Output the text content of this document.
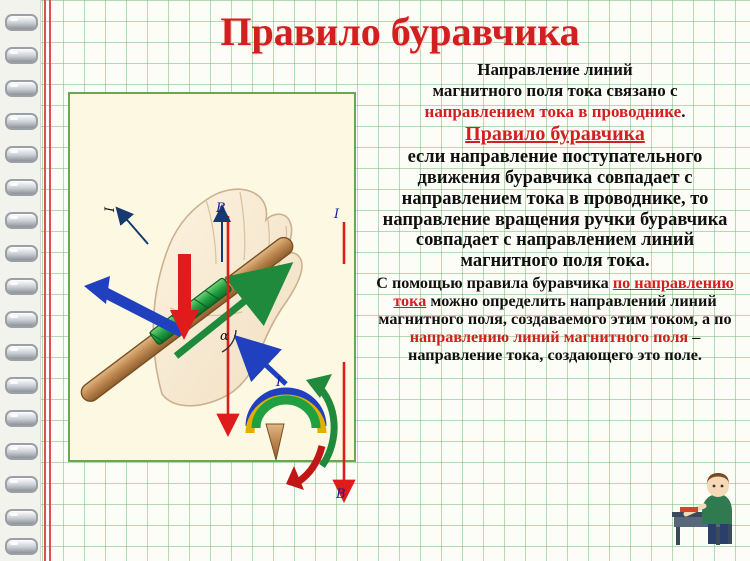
Правило буравчика
α
I	B
I
I
B

Направление линий

магнитного поля тока связано с

направлением тока в проводнике.

Правило буравчика

если направление поступательного движения буравчика совпадает с направлением тока в проводнике, то направление вращения ручки буравчика совпадает с направлением линий магнитного поля тока.

С помощью правила буравчика по направлению тока можно определить направлений линий магнитного поля, создаваемого этим током, а по направлению линий магнитного поля – направление тока, создающего это поле.
